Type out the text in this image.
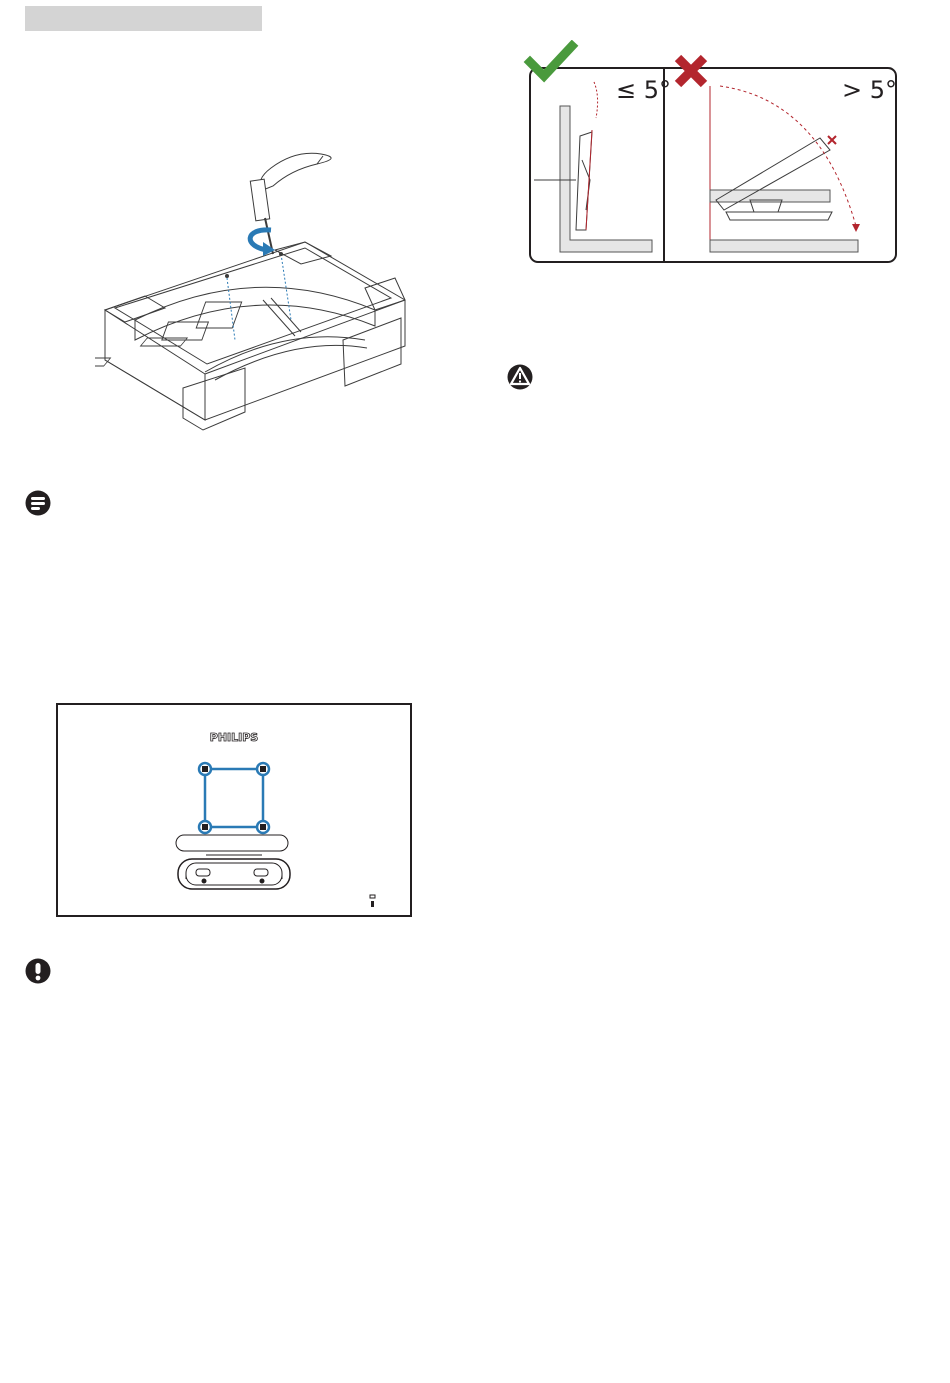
≤ 5°	> 5°
PHILIPS
